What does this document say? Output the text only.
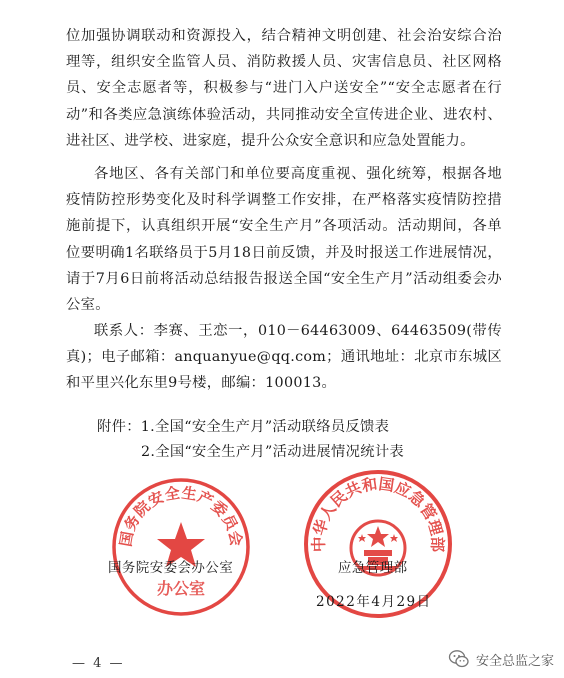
位加强协调联动和资源投入，结合精神文明创建、社会治安综合治理等，组织安全监管人员、消防救援人员、灾害信息员、社区网格员、安全志愿者等，积极参与“进门入户送安全”“安全志愿者在行动”和各类应急演练体验活动，共同推动安全宣传进企业、进农村、进社区、进学校、进家庭，提升公众安全意识和应急处置能力。

各地区、各有关部门和单位要高度重视、强化统筹，根据各地疫情防控形势变化及时科学调整工作安排，在严格落实疫情防控措施前提下，认真组织开展“安全生产月”各项活动。活动期间，各单位要明确1名联络员于5月18日前反馈，并及时报送工作进展情况，请于7月6日前将活动总结报告报送全国“安全生产月”活动组委会办公室。

联系人：李赛、王恋一，010－64463009、64463509(带传真)；电子邮箱：anquanyue@qq.com；通讯地址：北京市东城区和平里兴化东里9号楼，邮编：100013。

附件：1.全国“安全生产月”活动联络员反馈表

2.全国“安全生产月”活动进展情况统计表

国务院安全生产委员会
办公室
中华人民共和国应急管理部

国务院安委会办公室	应急管理部

2022年4月29日
— 4 —	安全总监之家
